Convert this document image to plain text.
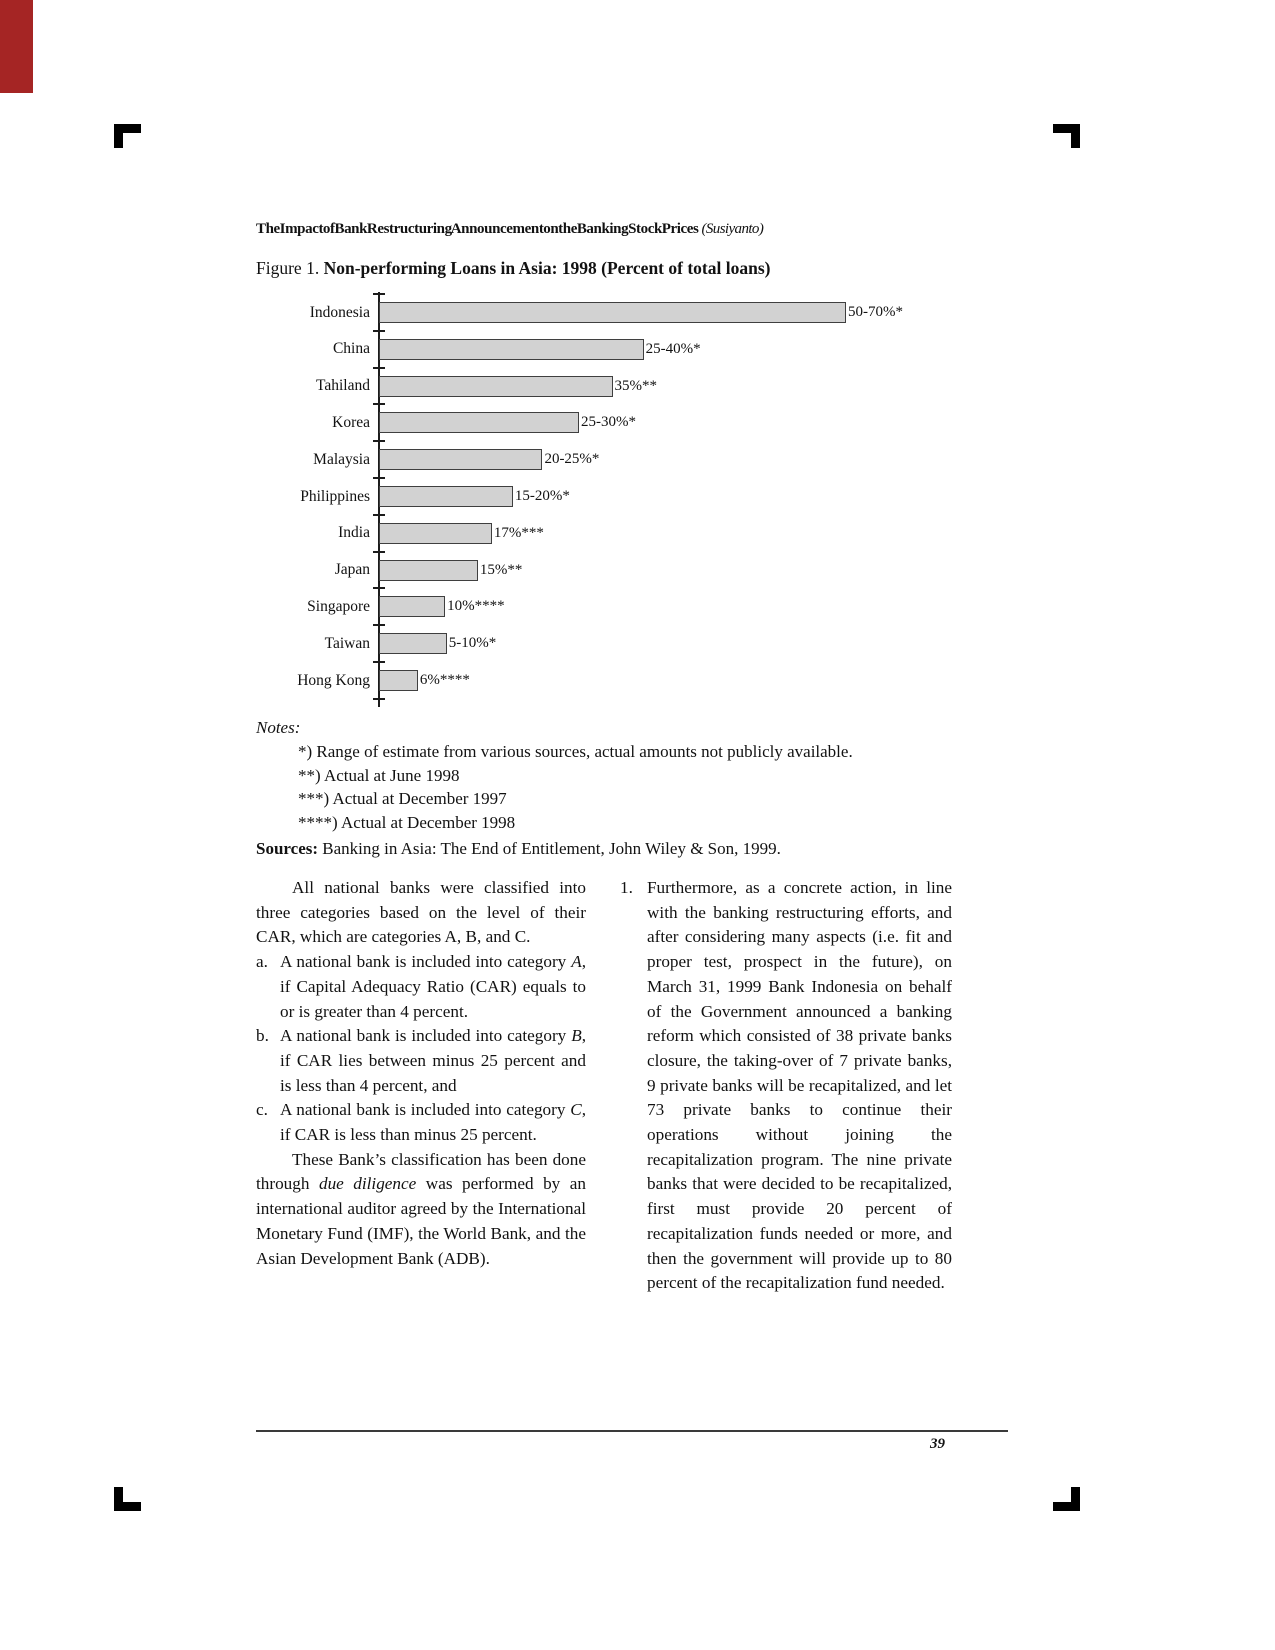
The Impact of Bank Restructuring Announcement on the Banking Stock Prices (Susiyanto)
Figure 1. Non-performing Loans in Asia: 1998 (Percent of total loans)
Indonesia	50-70%*
China	25-40%*
Tahiland	35%**
Korea	25-30%*
Malaysia	20-25%*
Philippines	15-20%*
India	17%***
Japan	15%**
Singapore	10%****
Taiwan	5-10%*
Hong Kong	6%****
Notes:
*) Range of estimate from various sources, actual amounts not publicly available.
**) Actual at June 1998
***) Actual at December 1997
****) Actual at December 1998
Sources: Banking in Asia: The End of Entitlement, John Wiley & Son, 1999.
All national banks were classified into three categories based on the level of their CAR, which are categories A, B, and C.
a. A national bank is included into category A, if Capital Adequacy Ratio (CAR) equals to or is greater than 4 percent.
b. A national bank is included into category B, if CAR lies between minus 25 percent and is less than 4 percent, and
c. A national bank is included into category C, if CAR is less than minus 25 percent.
These Bank’s classification has been done through due diligence was performed by an international auditor agreed by the International Monetary Fund (IMF), the World Bank, and the Asian Development Bank (ADB).
1. Furthermore, as a concrete action, in line with the banking restructuring efforts, and after considering many aspects (i.e. fit and proper test, prospect in the future), on March 31, 1999 Bank Indonesia on behalf of the Government announced a banking reform which consisted of 38 private banks closure, the taking-over of 7 private banks, 9 private banks will be recapitalized, and let 73 private banks to continue their operations without joining the recapitalization program. The nine private banks that were decided to be recapitalized, first must provide 20 percent of recapitalization funds needed or more, and then the government will provide up to 80 percent of the recapitalization fund needed.
39
